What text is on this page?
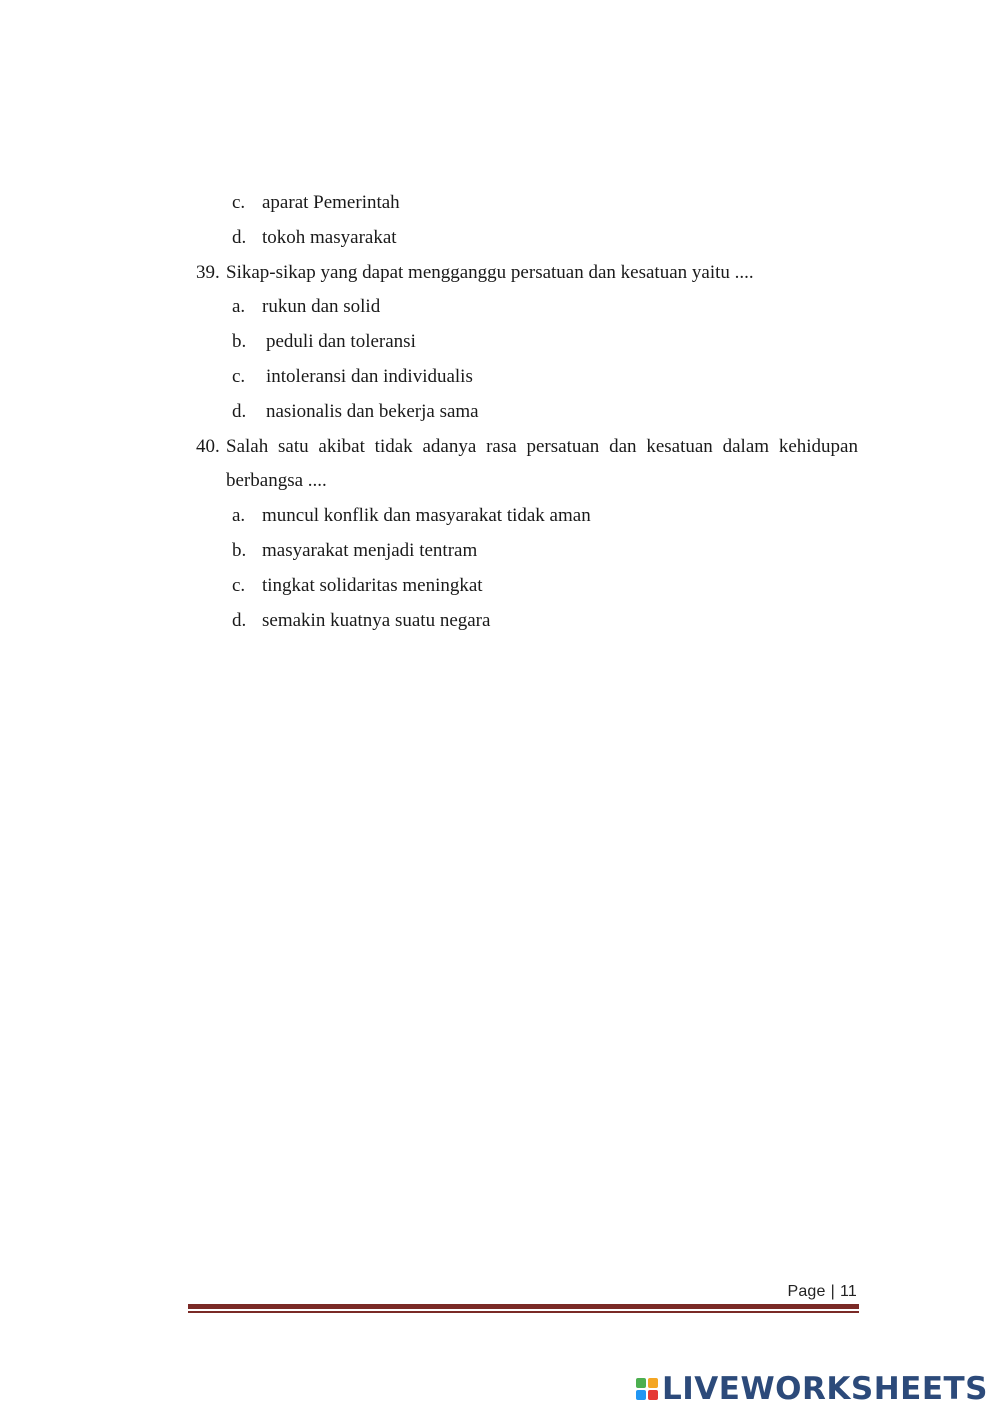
c. aparat Pemerintah
d. tokoh masyarakat
39. Sikap-sikap yang dapat mengganggu persatuan dan kesatuan yaitu ....
a. rukun dan solid
b. peduli dan toleransi
c. intoleransi dan individualis
d. nasionalis dan bekerja sama
40. Salah satu akibat tidak adanya rasa persatuan dan kesatuan dalam kehidupan berbangsa ....
a. muncul konflik dan masyarakat tidak aman
b. masyarakat menjadi tentram
c. tingkat solidaritas meningkat
d. semakin kuatnya suatu negara
Page | 11
LIVEWORKSHEETS
